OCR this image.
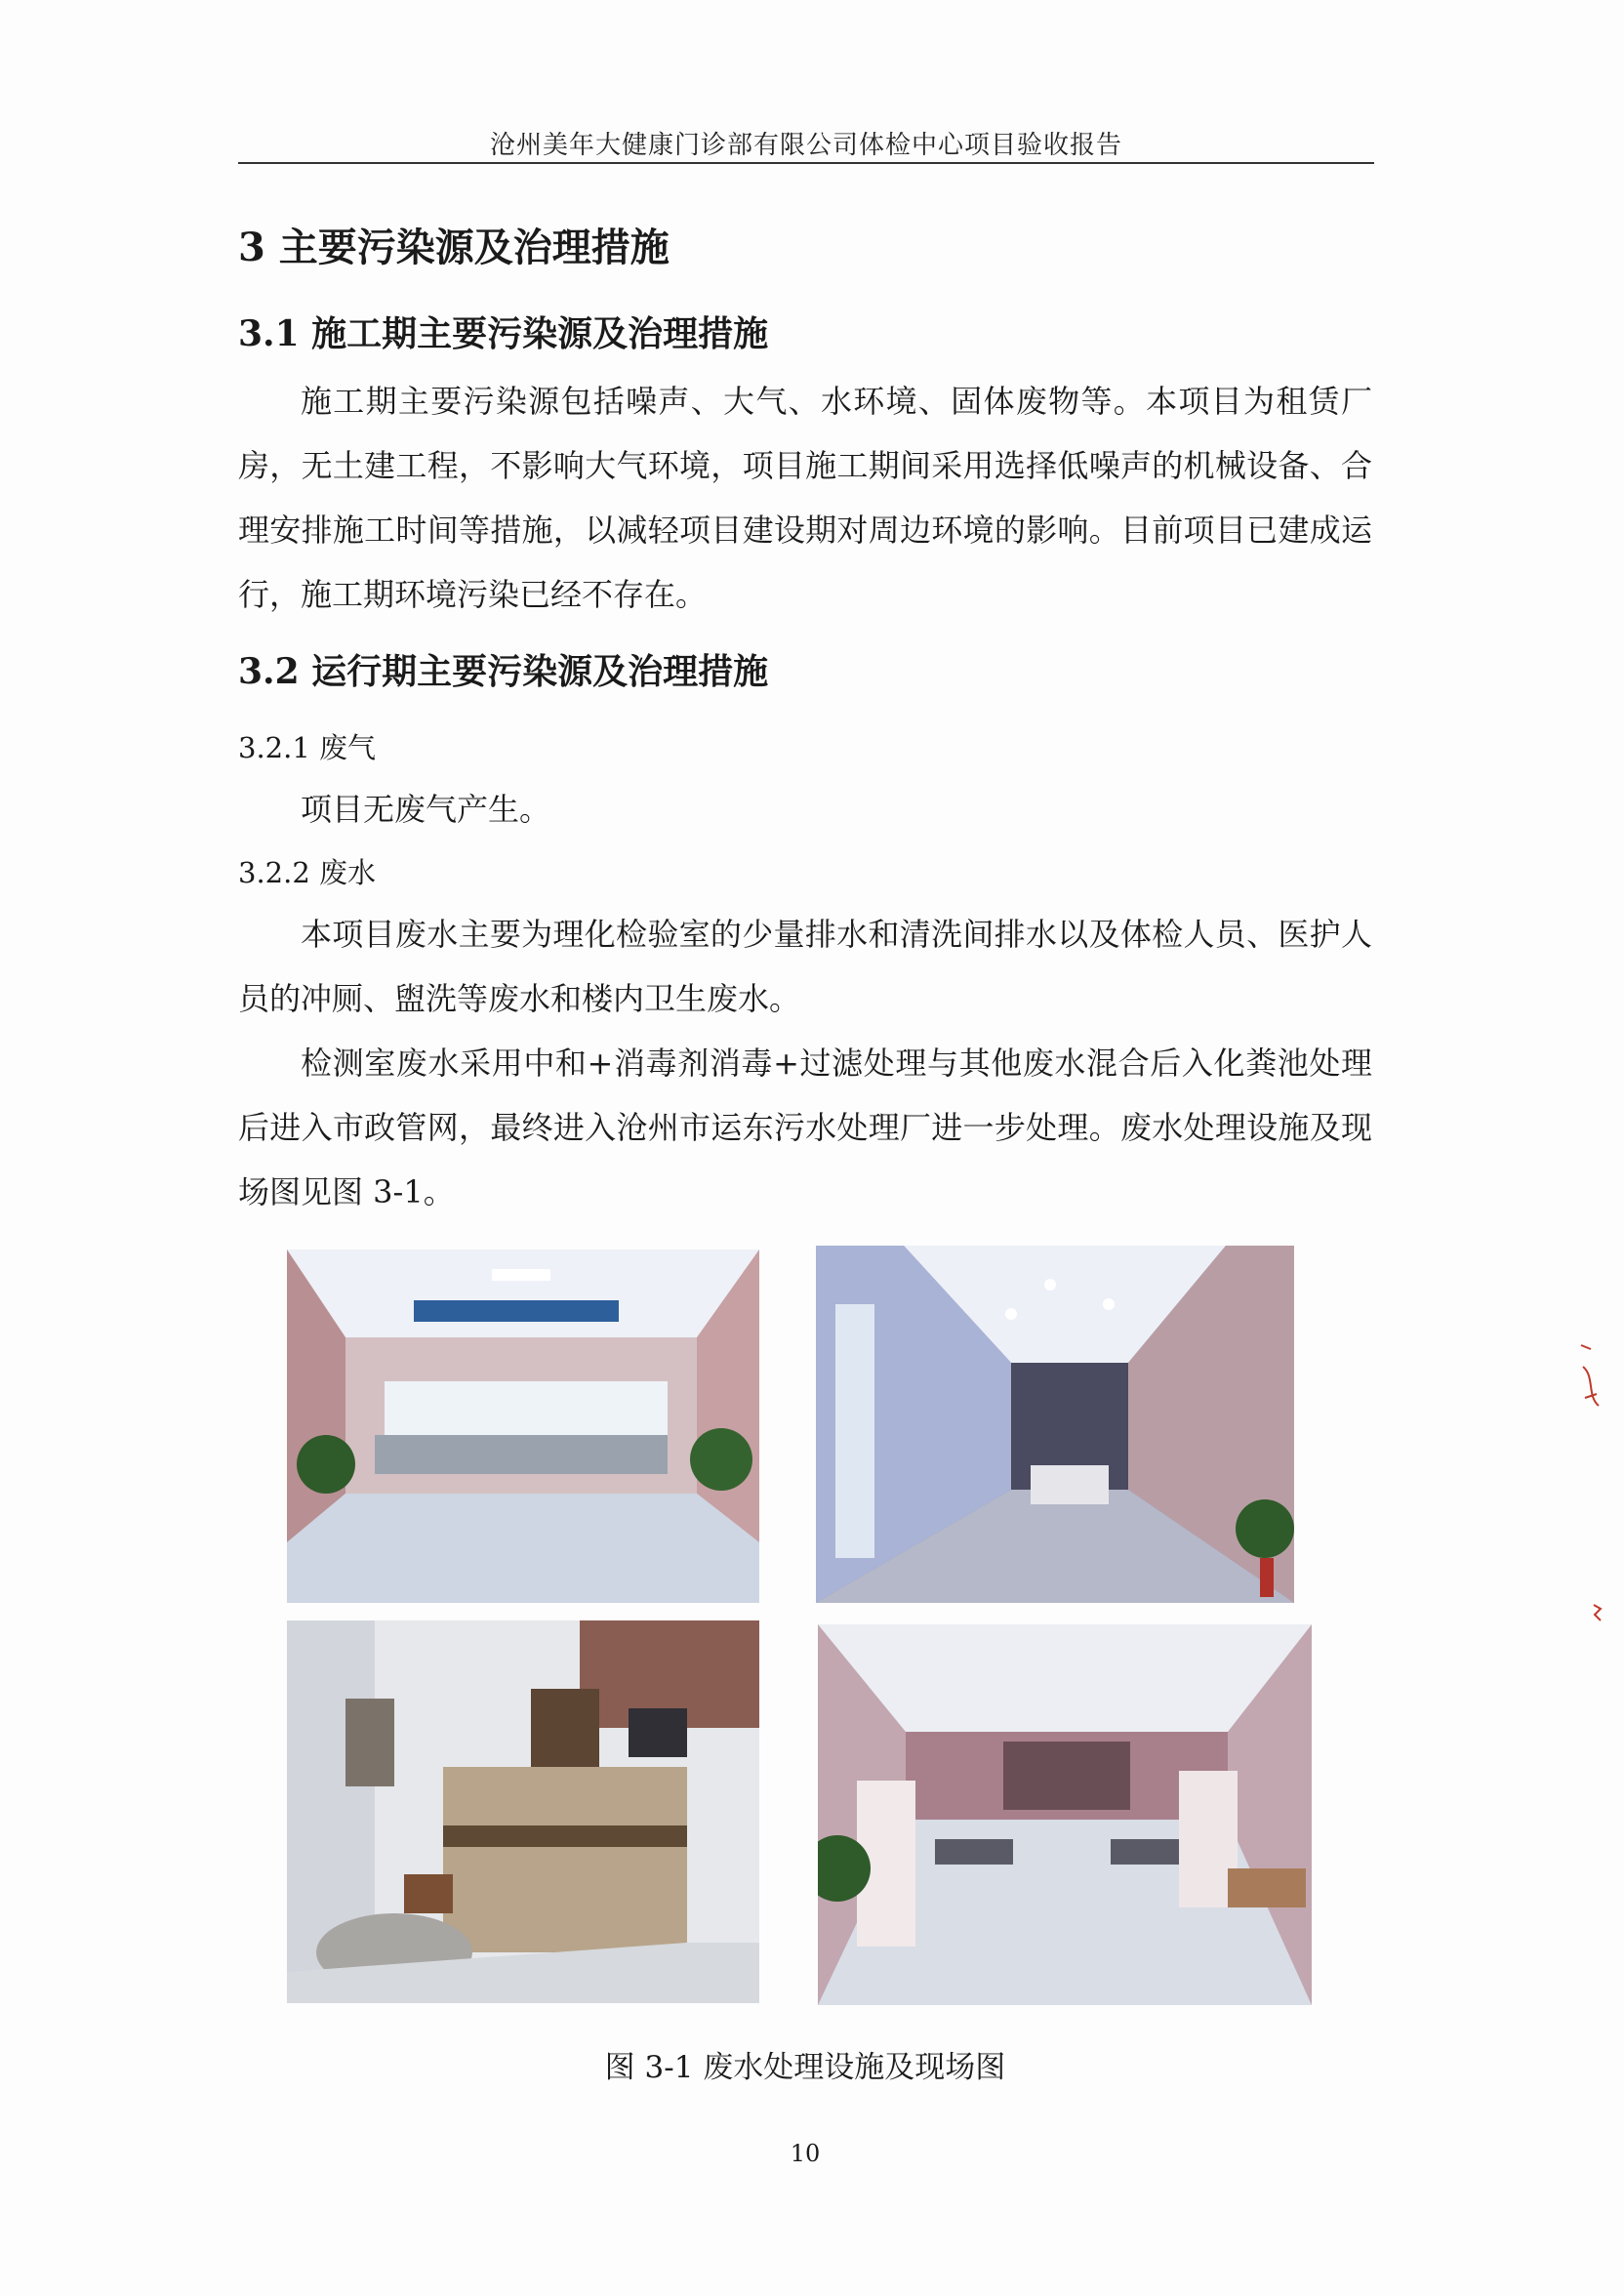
沧州美年大健康门诊部有限公司体检中心项目验收报告
3 主要污染源及治理措施
3.1 施工期主要污染源及治理措施

施工期主要污染源包括噪声、大气、水环境、固体废物等。本项目为租赁厂房，无土建工程，不影响大气环境，项目施工期间采用选择低噪声的机械设备、合理安排施工时间等措施，以减轻项目建设期对周边环境的影响。目前项目已建成运行，施工期环境污染已经不存在。

3.2 运行期主要污染源及治理措施
3.2.1 废气

项目无废气产生。

3.2.2 废水

本项目废水主要为理化检验室的少量排水和清洗间排水以及体检人员、医护人员的冲厕、盥洗等废水和楼内卫生废水。

检测室废水采用中和+消毒剂消毒+过滤处理与其他废水混合后入化粪池处理后进入市政管网，最终进入沧州市运东污水处理厂进一步处理。废水处理设施及现场图见图 3-1。

图 3-1 废水处理设施及现场图
10
